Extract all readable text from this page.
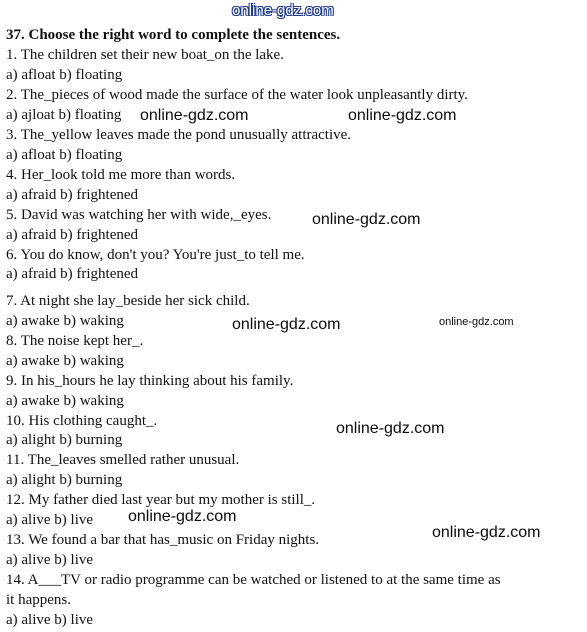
online-gdz.com
37. Choose the right word to complete the sentences.
1. The children set their new boat_on the lake.
a) afloat b) floating
2. The_pieces of wood made the surface of the water look unpleasantly dirty.
a) ajloat b) floating
3. The_yellow leaves made the pond unusually attractive.
a) afloat b) floating
4. Her_look told me more than words.
a) afraid b) frightened
5. David was watching her with wide,_eyes.
a) afraid b) frightened
6. You do know, don't you? You're just_to tell me.
a) afraid b) frightened
7. At night she lay_beside her sick child.
a) awake b) waking
8. The noise kept her_.
a) awake b) waking
9. In his_hours he lay thinking about his family.
a) awake b) waking
10. His clothing caught_.
a) alight b) burning
11. The_leaves smelled rather unusual.
a) alight b) burning
12. My father died last year but my mother is still_.
a) alive b) live
13. We found a bar that has_music on Friday nights.
a) alive b) live
14. A___TV or radio programme can be watched or listened to at the same time as
it happens.
a) alive b) live
online-gdz.com	online-gdz.com
online-gdz.com
online-gdz.com	online-gdz.com
online-gdz.com
online-gdz.com
online-gdz.com
